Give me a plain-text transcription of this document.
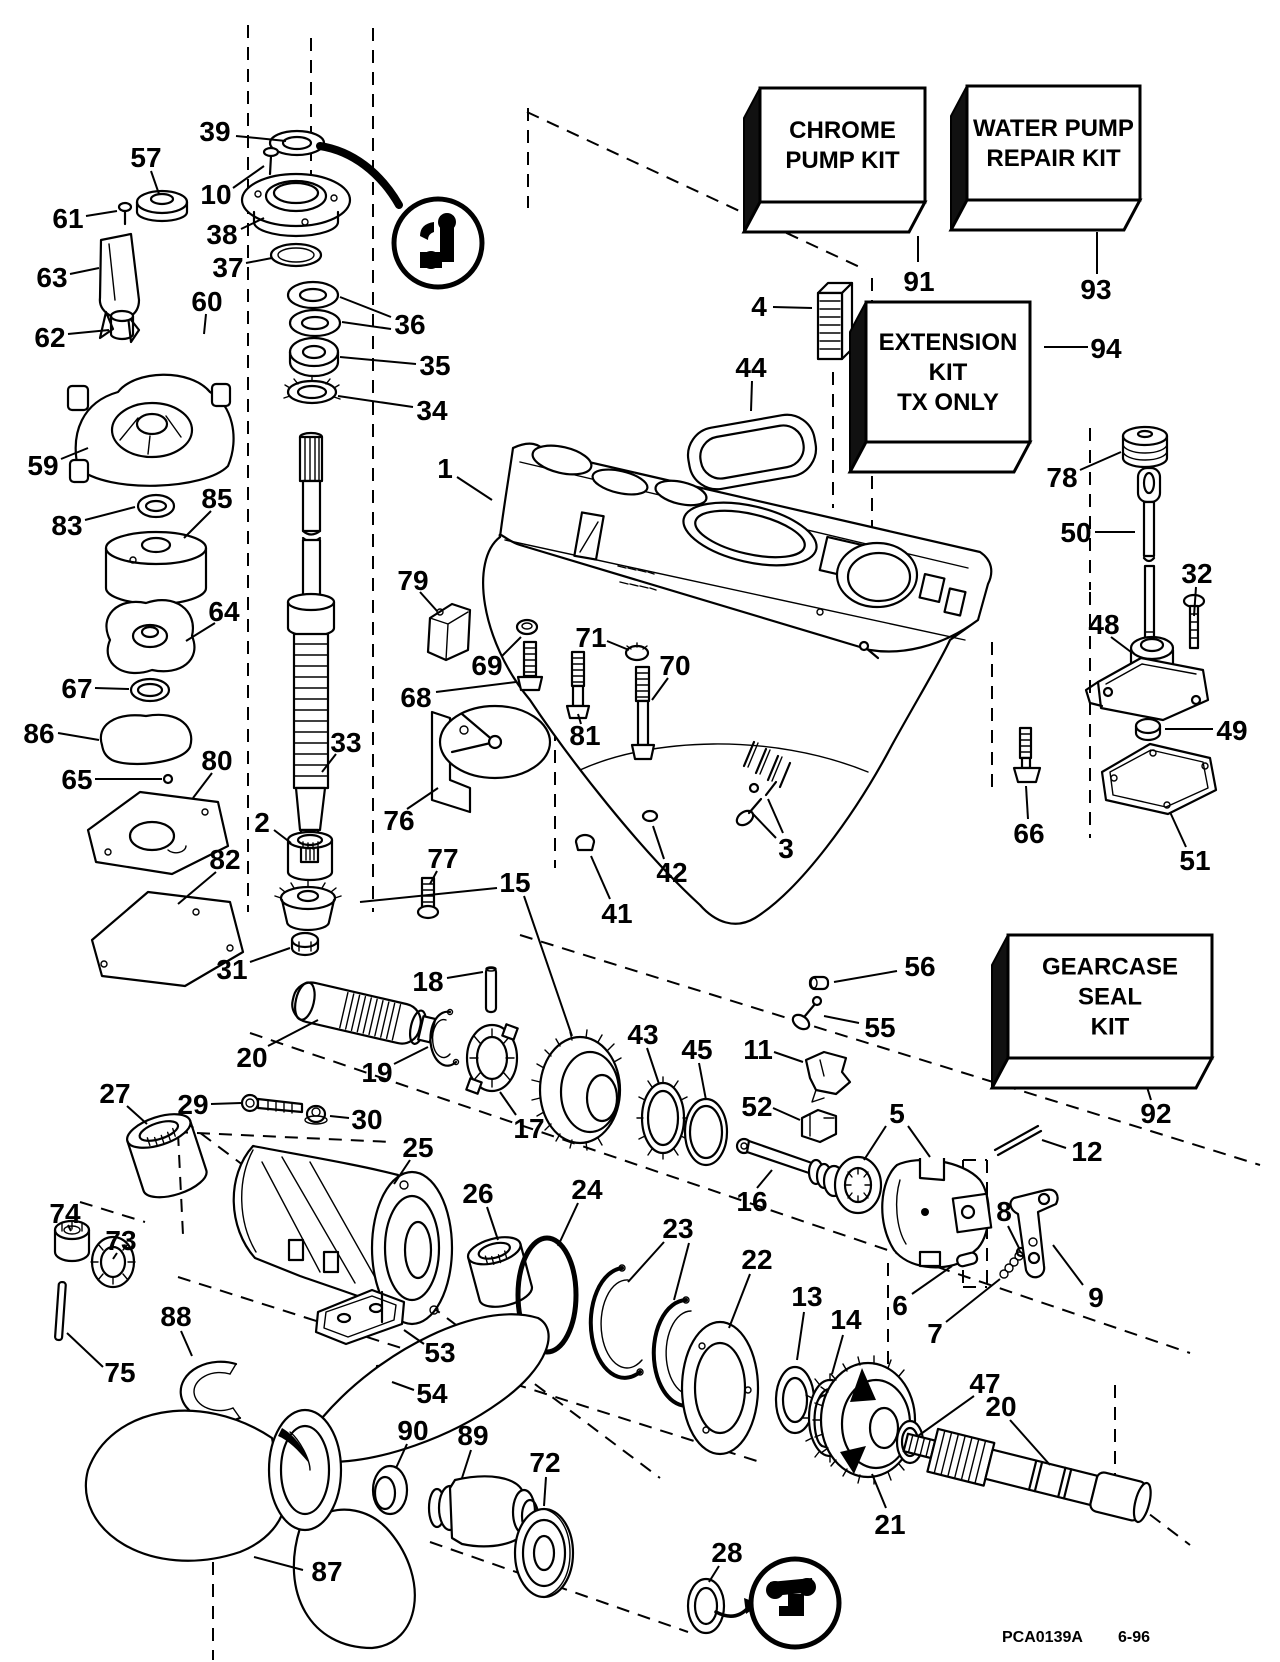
CHROME
PUMP KIT
WATER PUMP
REPAIR KIT
EXTENSION
KIT
TX ONLY
GEARCASE
SEAL
KIT
1
2
3
4
5
6
7
8
9
10
11
12
13
14
15
16
17
18
19
20
21
22
23
24
25
26
27
28
29	30
31
32
33
34
35
36
37
38
39
41
42
43
44
45
47
48
49
50
51
52
53
54
55
56
57
59
60
61
62
63
64
65
66
67	68
69	70
71
72
73
74
75
76
77
78
79
80
81
82
83
85
86
87
88
89
90
91
92
93
94
20
PCA0139A 6-96
